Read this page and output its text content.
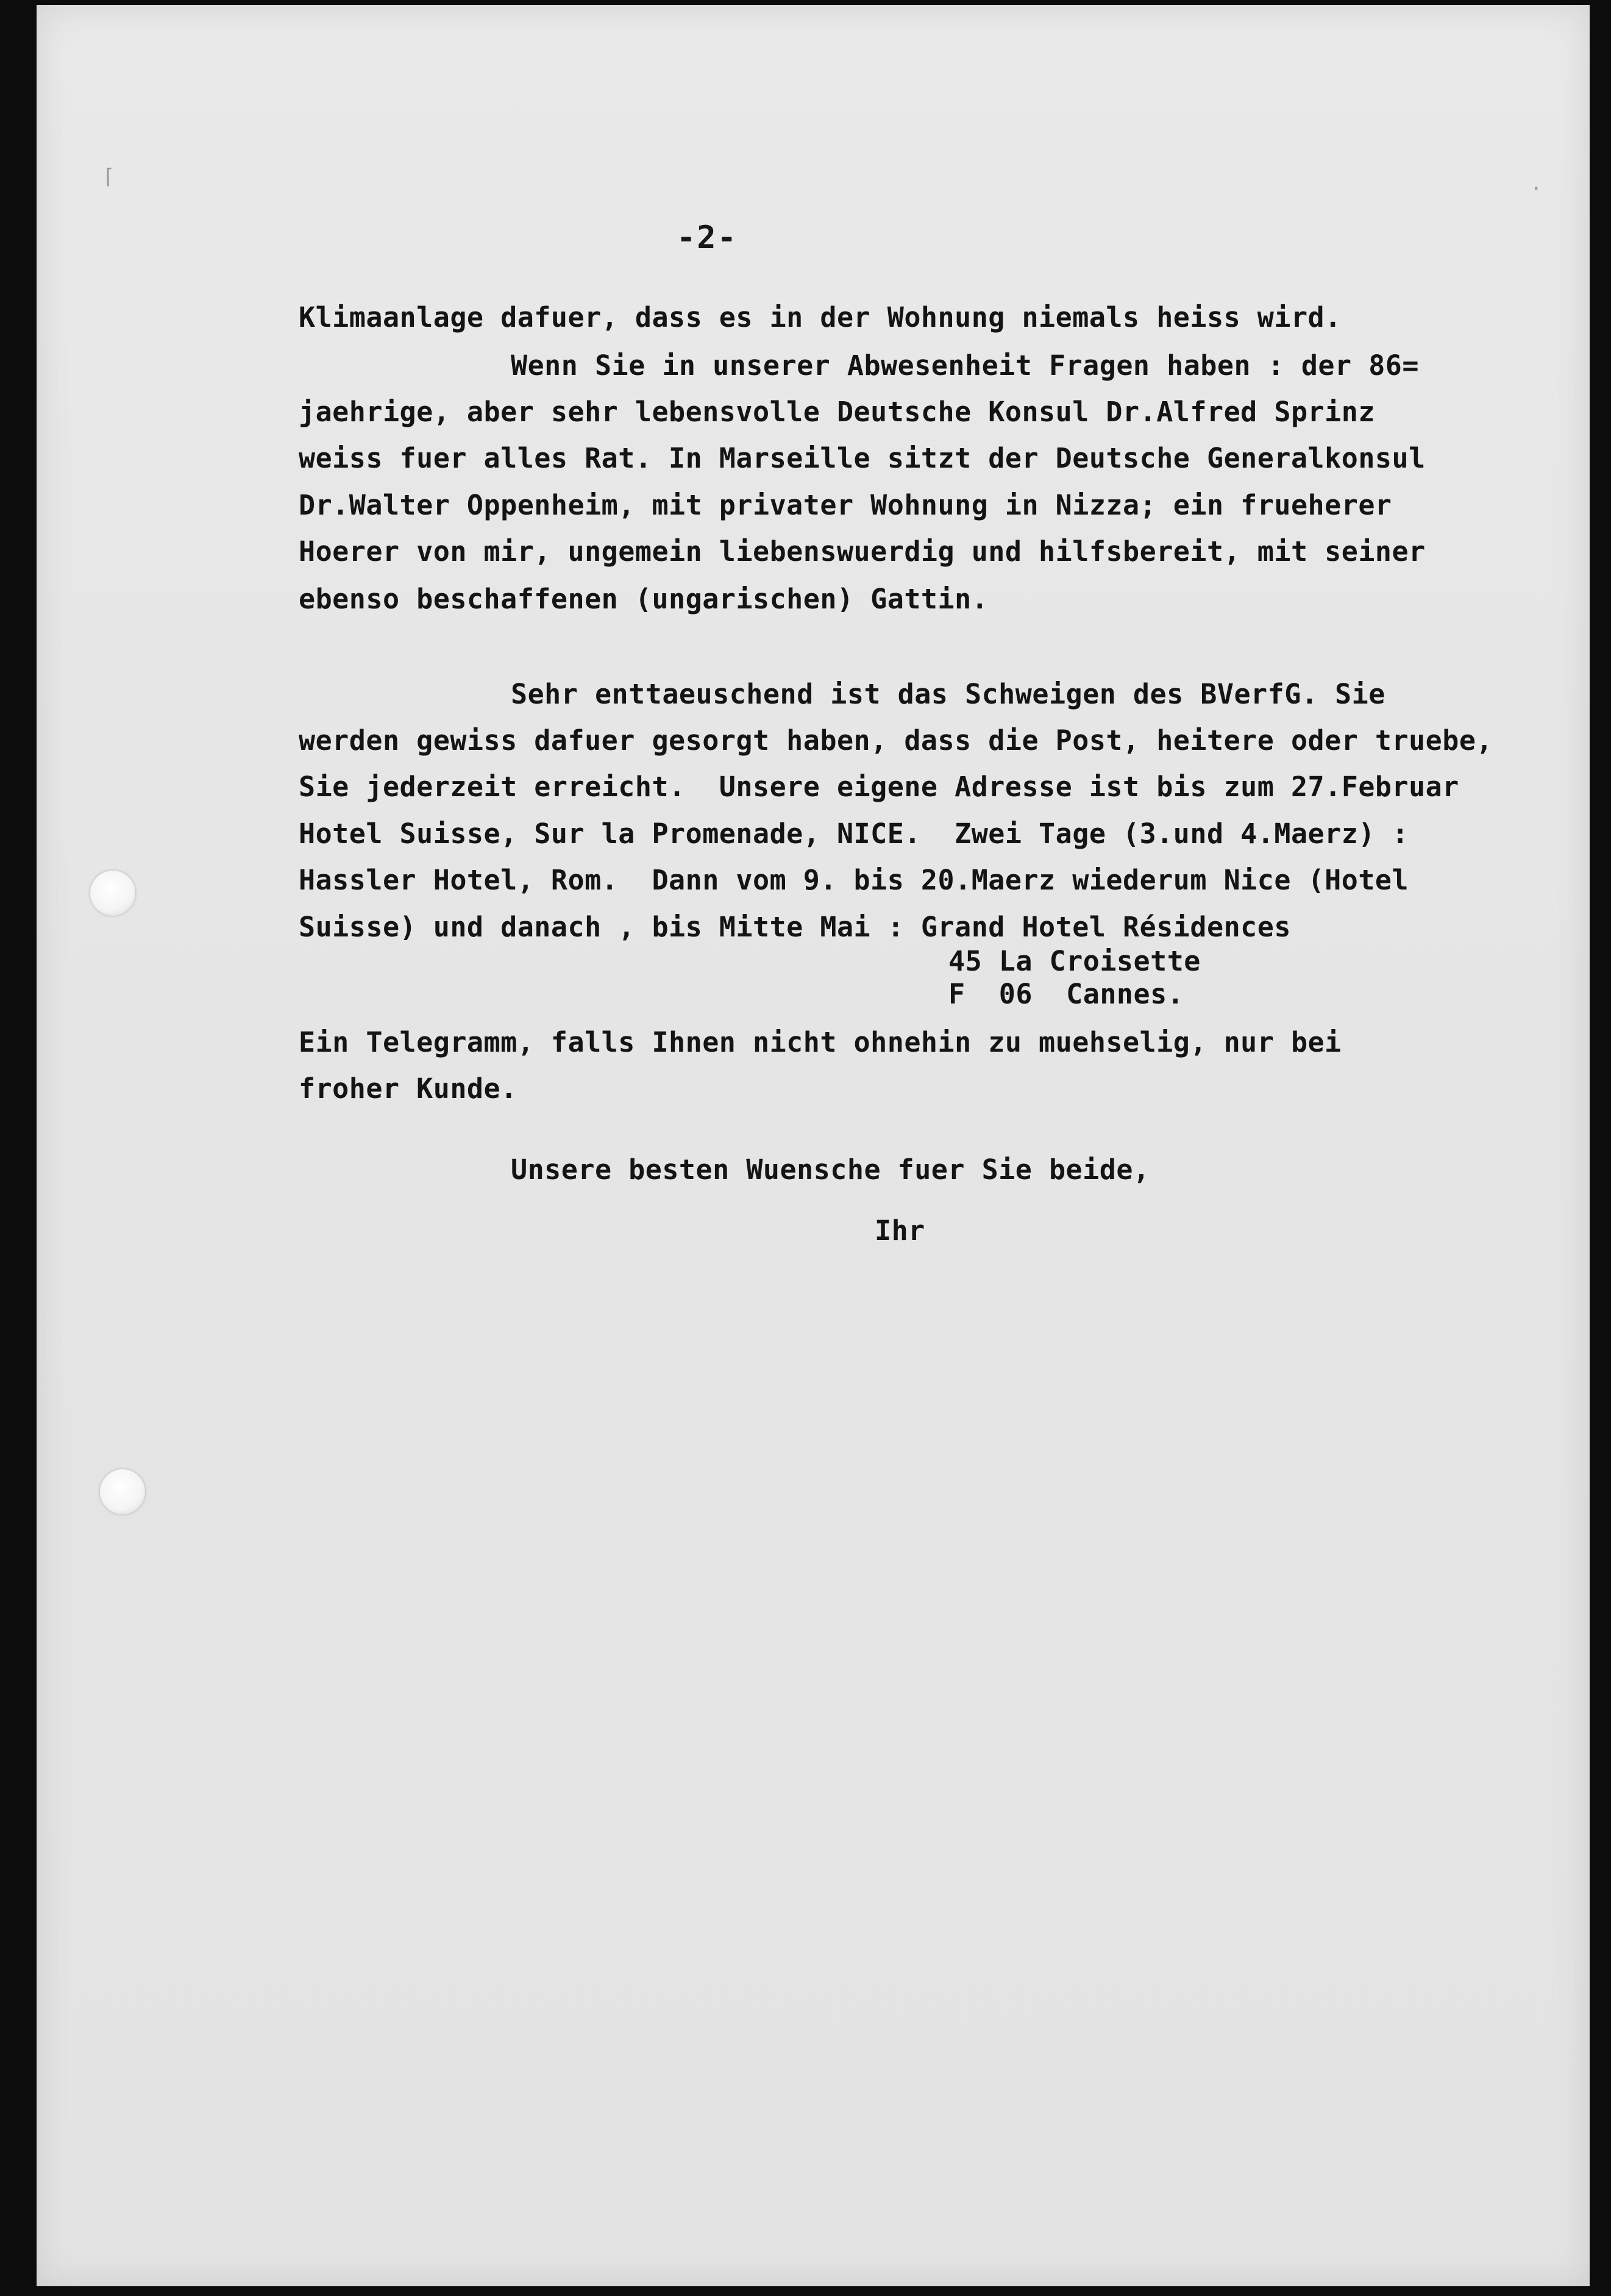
⌈	·
-2-
Klimaanlage dafuer, dass es in der Wohnung niemals heiss wird.
Wenn Sie in unserer Abwesenheit Fragen haben : der 86=
jaehrige, aber sehr lebensvolle Deutsche Konsul Dr.Alfred Sprinz
weiss fuer alles Rat. In Marseille sitzt der Deutsche Generalkonsul
Dr.Walter Oppenheim, mit privater Wohnung in Nizza; ein frueherer
Hoerer von mir, ungemein liebenswuerdig und hilfsbereit, mit seiner
ebenso beschaffenen (ungarischen) Gattin.
Sehr enttaeuschend ist das Schweigen des BVerfG. Sie
werden gewiss dafuer gesorgt haben, dass die Post, heitere oder truebe,
Sie jederzeit erreicht.  Unsere eigene Adresse ist bis zum 27.Februar
Hotel Suisse, Sur la Promenade, NICE.  Zwei Tage (3.und 4.Maerz) :
Hassler Hotel, Rom.  Dann vom 9. bis 20.Maerz wiederum Nice (Hotel
Suisse) und danach , bis Mitte Mai : Grand Hotel Résidences
45 La Croisette
F  06  Cannes.
Ein Telegramm, falls Ihnen nicht ohnehin zu muehselig, nur bei
froher Kunde.
Unsere besten Wuensche fuer Sie beide,
Ihr
